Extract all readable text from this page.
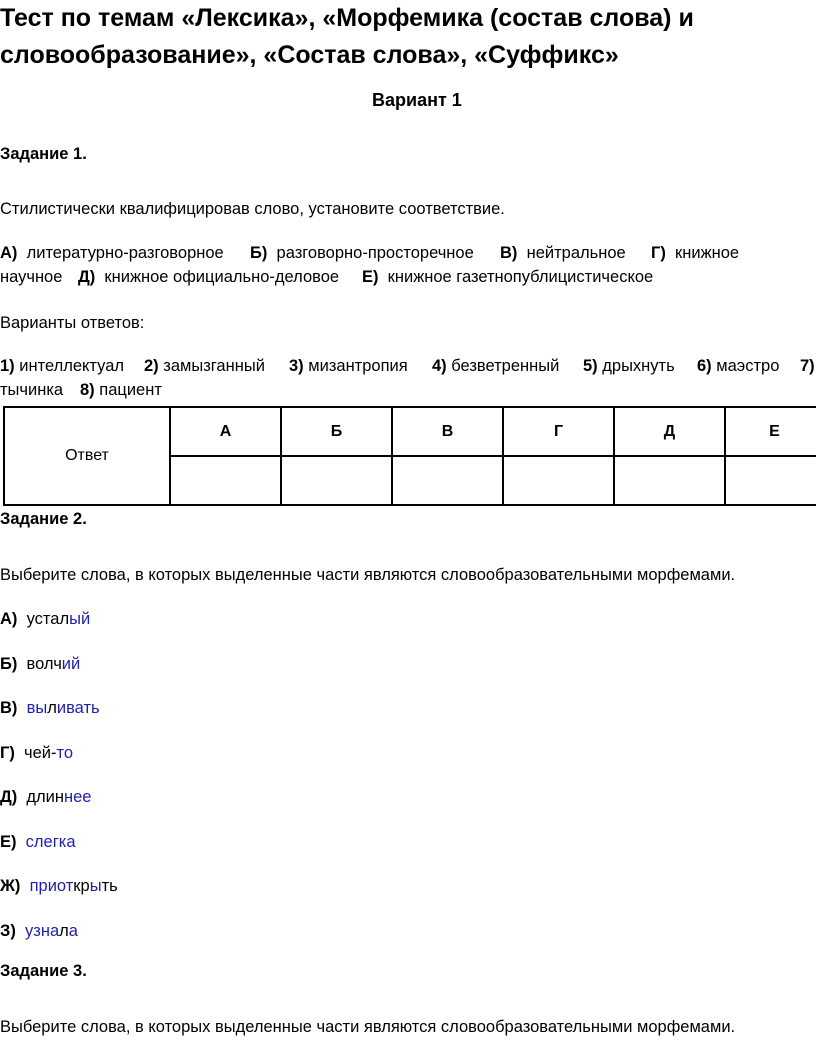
Тест по темам «Лексика», «Морфемика (состав слова) и
словообразование», «Состав слова», «Суффикс»
Вариант 1
Задание 1.
Стилистически квалифицировав слово, установите соответствие.
А) литературно-разговорное Б) разговорно-просторечное В) нейтральное Г) книжное
научное Д) книжное официально-деловое Е) книжное газетнопублицистическое
Варианты ответов:
1) интеллектуал 2) замызганный 3) мизантропия 4) безветренный 5) дрыхнуть 6) маэстро 7)
тычинка 8) пациент
Ответ	А	Б	В	Г	Д	Е

Задание 2.
Выберите слова, в которых выделенные части являются словообразовательными морфемами.
А) усталый
Б) волчий
В) выливать
Г) чей-то
Д) длиннее
Е) слегка
Ж) приоткрыть
З) узнала
Задание 3.
Выберите слова, в которых выделенные части являются словообразовательными морфемами.
